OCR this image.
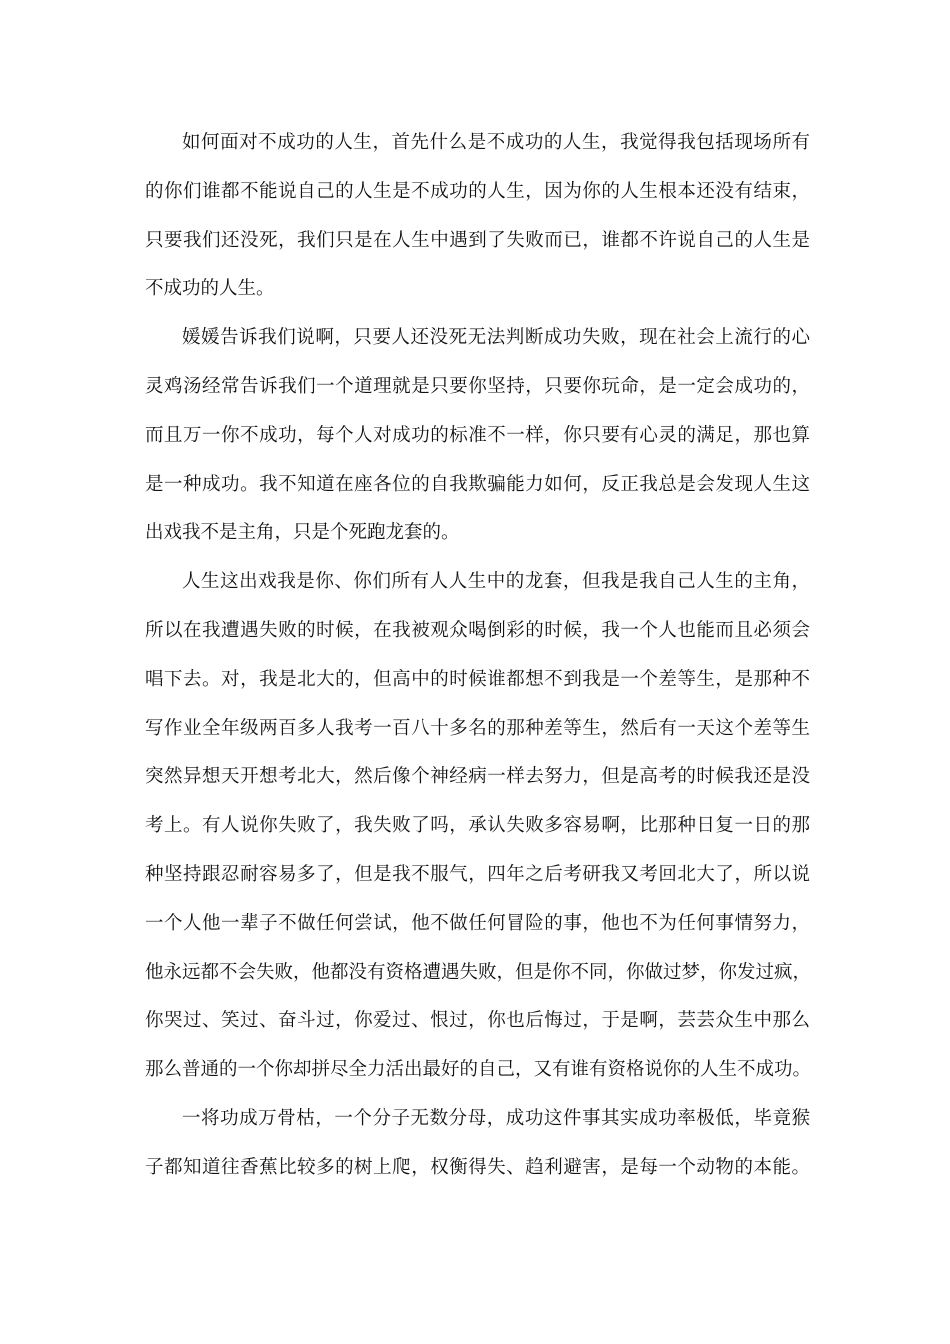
如何面对不成功的人生，首先什么是不成功的人生，我觉得我包括现场所有
的你们谁都不能说自己的人生是不成功的人生，因为你的人生根本还没有结束，
只要我们还没死，我们只是在人生中遇到了失败而已，谁都不许说自己的人生是
不成功的人生。
媛媛告诉我们说啊，只要人还没死无法判断成功失败，现在社会上流行的心
灵鸡汤经常告诉我们一个道理就是只要你坚持，只要你玩命，是一定会成功的，
而且万一你不成功，每个人对成功的标准不一样，你只要有心灵的满足，那也算
是一种成功。我不知道在座各位的自我欺骗能力如何，反正我总是会发现人生这
出戏我不是主角，只是个死跑龙套的。
人生这出戏我是你、你们所有人人生中的龙套，但我是我自己人生的主角，
所以在我遭遇失败的时候，在我被观众喝倒彩的时候，我一个人也能而且必须会
唱下去。对，我是北大的，但高中的时候谁都想不到我是一个差等生，是那种不
写作业全年级两百多人我考一百八十多名的那种差等生，然后有一天这个差等生
突然异想天开想考北大，然后像个神经病一样去努力，但是高考的时候我还是没
考上。有人说你失败了，我失败了吗，承认失败多容易啊，比那种日复一日的那
种坚持跟忍耐容易多了，但是我不服气，四年之后考研我又考回北大了，所以说
一个人他一辈子不做任何尝试，他不做任何冒险的事，他也不为任何事情努力，
他永远都不会失败，他都没有资格遭遇失败，但是你不同，你做过梦，你发过疯，
你哭过、笑过、奋斗过，你爱过、恨过，你也后悔过，于是啊，芸芸众生中那么
那么普通的一个你却拼尽全力活出最好的自己，又有谁有资格说你的人生不成功。
一将功成万骨枯，一个分子无数分母，成功这件事其实成功率极低，毕竟猴
子都知道往香蕉比较多的树上爬，权衡得失、趋利避害，是每一个动物的本能。
